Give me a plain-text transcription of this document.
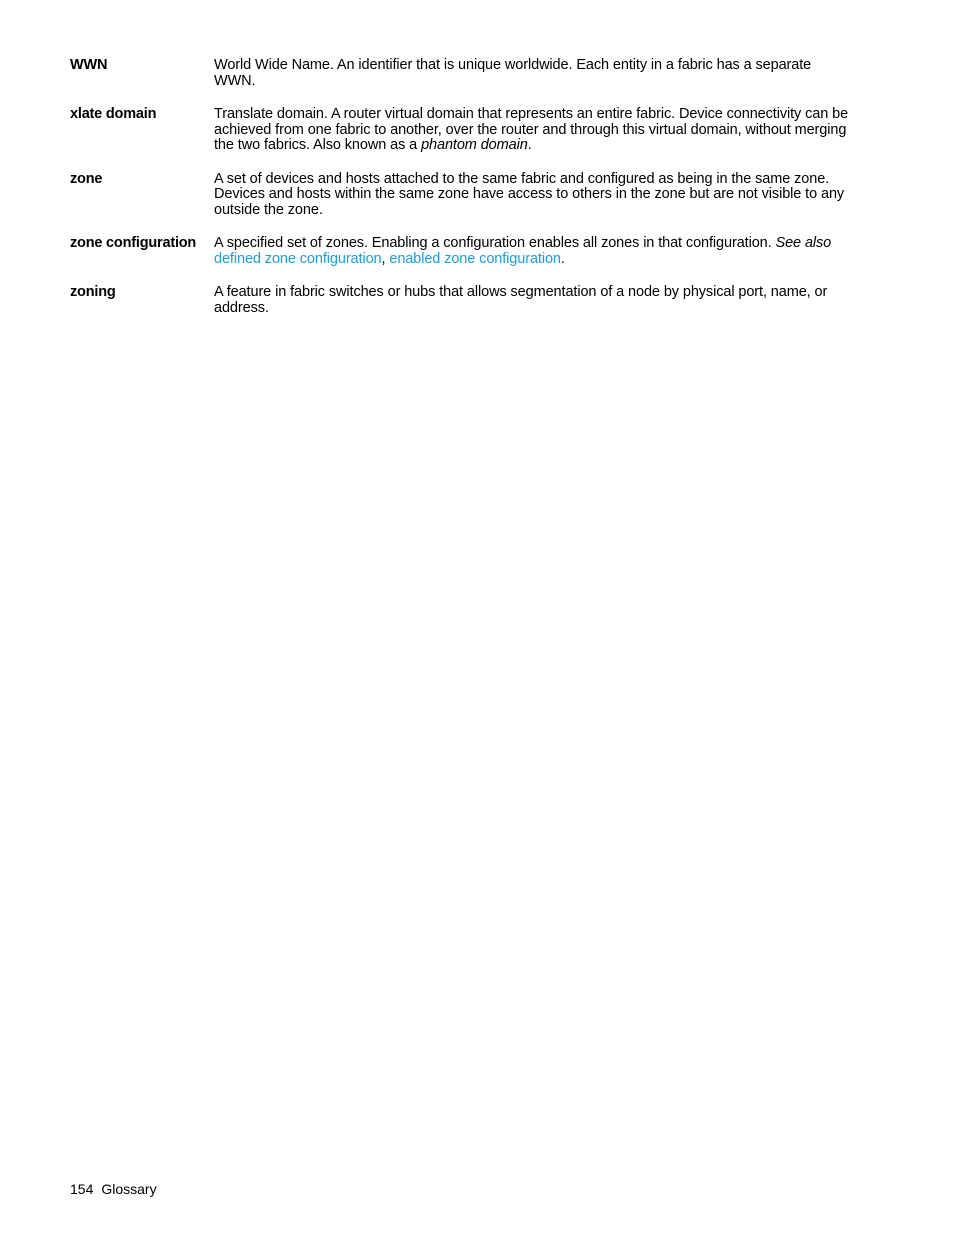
WWN	World Wide Name. An identifier that is unique worldwide. Each entity in a fabric has a separate WWN.
xlate domain	Translate domain. A router virtual domain that represents an entire fabric. Device connectivity can be achieved from one fabric to another, over the router and through this virtual domain, without merging the two fabrics. Also known as a phantom domain.
zone	A set of devices and hosts attached to the same fabric and configured as being in the same zone. Devices and hosts within the same zone have access to others in the zone but are not visible to any outside the zone.
zone configuration	A specified set of zones. Enabling a configuration enables all zones in that configuration. See also defined zone configuration, enabled zone configuration.
zoning	A feature in fabric switches or hubs that allows segmentation of a node by physical port, name, or address.
154 Glossary
